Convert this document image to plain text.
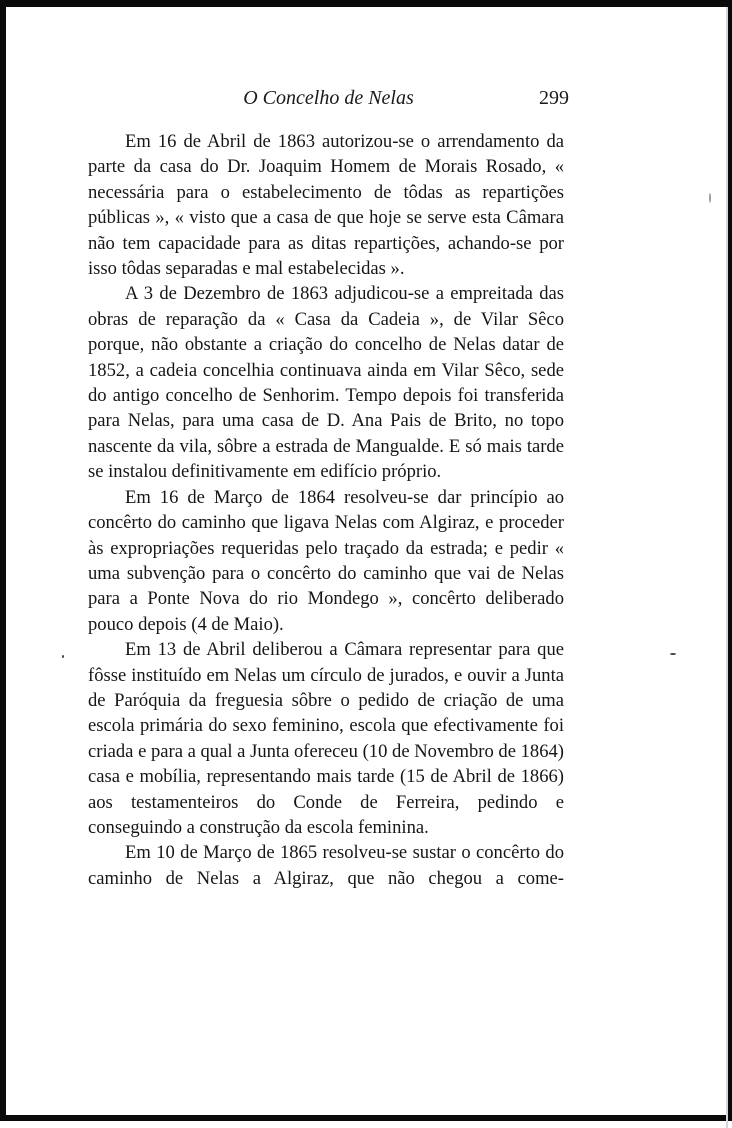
O Concelho de Nelas	299

Em 16 de Abril de 1863 autorizou-se o arrendamento da parte da casa do Dr. Joaquim Homem de Morais Rosado, « necessária para o estabelecimento de tôdas as repartições públicas », « visto que a casa de que hoje se serve esta Câmara não tem capacidade para as ditas repartições, achando-se por isso tôdas separadas e mal estabelecidas ».

A 3 de Dezembro de 1863 adjudicou-se a empreitada das obras de reparação da « Casa da Cadeia », de Vilar Sêco porque, não obstante a criação do concelho de Nelas datar de 1852, a cadeia concelhia continuava ainda em Vilar Sêco, sede do antigo concelho de Senhorim. Tempo depois foi transferida para Nelas, para uma casa de D. Ana Pais de Brito, no topo nascente da vila, sôbre a estrada de Mangualde. E só mais tarde se instalou definitivamente em edifício próprio.

Em 16 de Março de 1864 resolveu-se dar princípio ao concêrto do caminho que ligava Nelas com Algiraz, e proceder às expropriações requeridas pelo traçado da estrada; e pedir « uma subvenção para o concêrto do caminho que vai de Nelas para a Ponte Nova do rio Mondego », concêrto deliberado pouco depois (4 de Maio).

Em 13 de Abril deliberou a Câmara representar para que fôsse instituído em Nelas um círculo de jurados, e ouvir a Junta de Paróquia da freguesia sôbre o pedido de criação de uma escola primária do sexo feminino, escola que efectivamente foi criada e para a qual a Junta ofereceu (10 de Novembro de 1864) casa e mobília, representando mais tarde (15 de Abril de 1866) aos testamenteiros do Conde de Ferreira, pedindo e conseguindo a construção da escola feminina.

Em 10 de Março de 1865 resolveu-se sustar o concêrto do caminho de Nelas a Algiraz, que não chegou a come-
